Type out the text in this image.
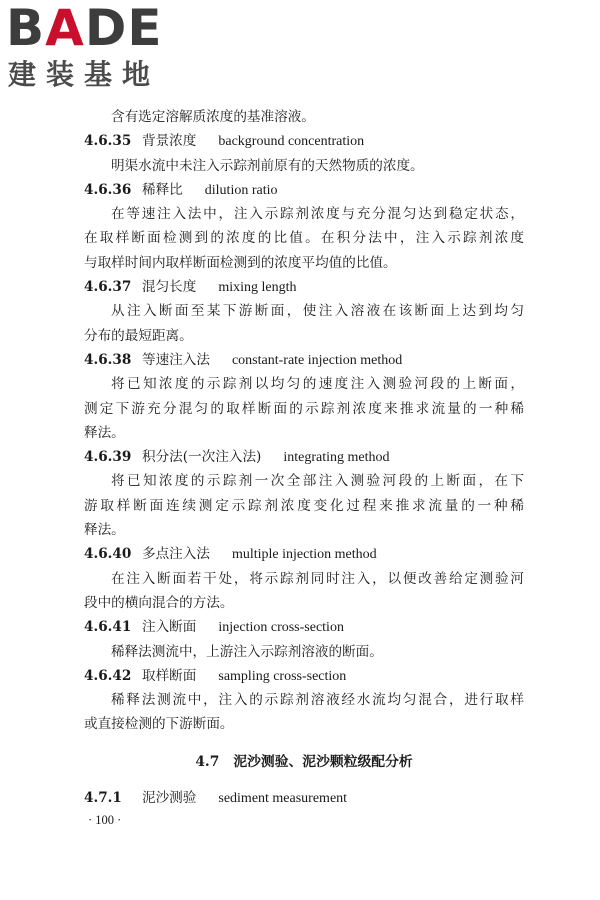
BADE
建装基地
含有选定溶解质浓度的基准溶液。
4.6.35 背景浓度 background concentration
明渠水流中未注入示踪剂前原有的天然物质的浓度。
4.6.36 稀释比 dilution ratio
在等速注入法中，注入示踪剂浓度与充分混匀达到稳定状态，
在取样断面检测到的浓度的比值。在积分法中，注入示踪剂浓度
与取样时间内取样断面检测到的浓度平均值的比值。
4.6.37 混匀长度 mixing length
从注入断面至某下游断面，使注入溶液在该断面上达到均匀
分布的最短距离。
4.6.38 等速注入法 constant-rate injection method
将已知浓度的示踪剂以均匀的速度注入测验河段的上断面，
测定下游充分混匀的取样断面的示踪剂浓度来推求流量的一种稀
释法。
4.6.39 积分法(一次注入法) integrating method
将已知浓度的示踪剂一次全部注入测验河段的上断面，在下
游取样断面连续测定示踪剂浓度变化过程来推求流量的一种稀
释法。
4.6.40 多点注入法 multiple injection method
在注入断面若干处，将示踪剂同时注入，以便改善给定测验河
段中的横向混合的方法。
4.6.41 注入断面 injection cross-section
稀释法测流中，上游注入示踪剂溶液的断面。
4.6.42 取样断面 sampling cross-section
稀释法测流中，注入的示踪剂溶液经水流均匀混合，进行取样
或直接检测的下游断面。
4.7 泥沙测验、泥沙颗粒级配分析
4.7.1 泥沙测验 sediment measurement
· 100 ·
